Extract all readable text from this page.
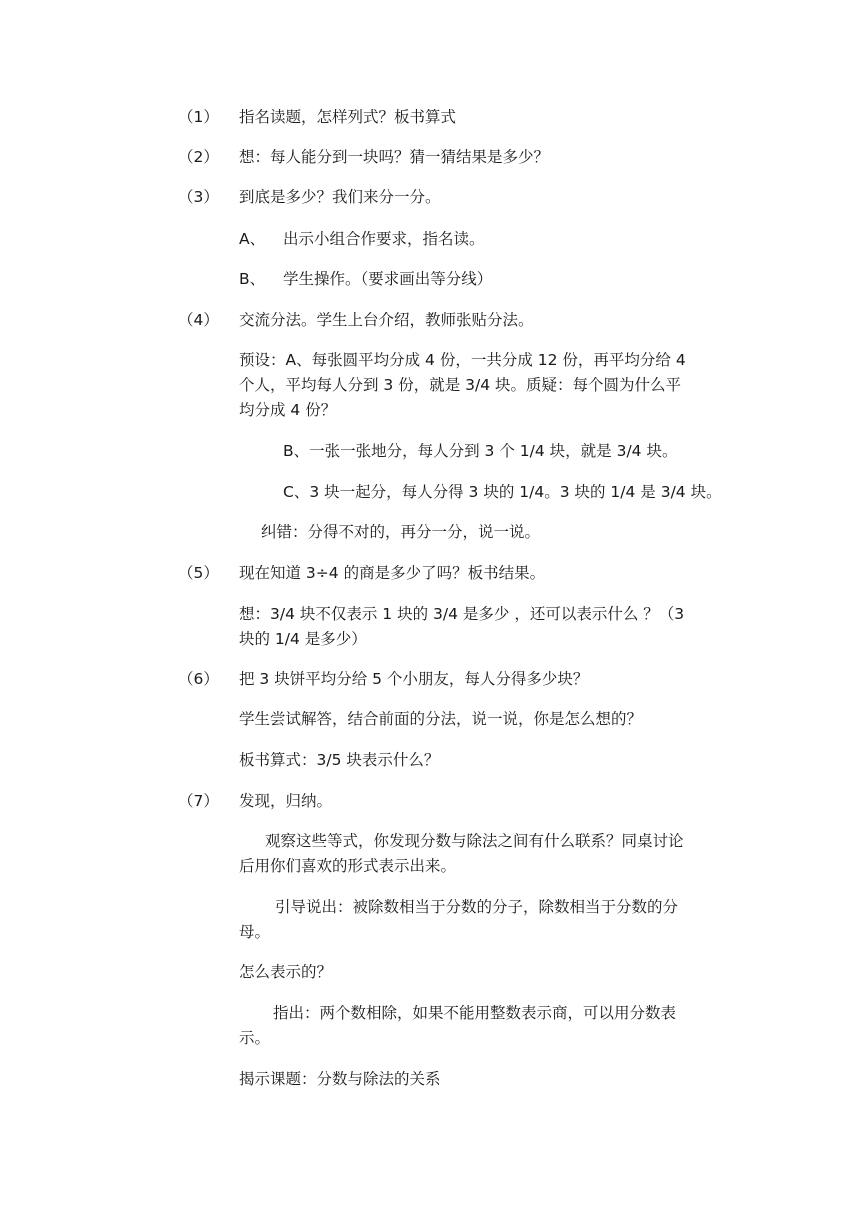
（1） 指名读题，怎样列式？板书算式
（2） 想：每人能分到一块吗？猜一猜结果是多少？
（3） 到底是多少？我们来分一分。
A、 出示小组合作要求，指名读。
B、 学生操作。（要求画出等分线）
（4） 交流分法。学生上台介绍，教师张贴分法。
预设：A、每张圆平均分成 4 份，一共分成 12 份，再平均分给 4
个人，平均每人分到 3 份，就是 3/4 块。质疑：每个圆为什么平
均分成 4 份？
B、一张一张地分，每人分到 3 个 1/4 块，就是 3/4 块。
C、3 块一起分，每人分得 3 块的 1/4。3 块的 1/4 是 3/4 块。
纠错：分得不对的，再分一分，说一说。
（5） 现在知道 3÷4 的商是多少了吗？板书结果。
想：3/4 块不仅表示 1 块的 3/4 是多少 ，还可以表示什么 ？（3
块的 1/4 是多少）
（6） 把 3 块饼平均分给 5 个小朋友，每人分得多少块？
学生尝试解答，结合前面的分法，说一说，你是怎么想的？
板书算式：3/5 块表示什么？
（7） 发现，归纳。
观察这些等式，你发现分数与除法之间有什么联系？同桌讨论
后用你们喜欢的形式表示出来。
引导说出：被除数相当于分数的分子，除数相当于分数的分
母。
怎么表示的？
指出：两个数相除，如果不能用整数表示商，可以用分数表
示。
揭示课题：分数与除法的关系
